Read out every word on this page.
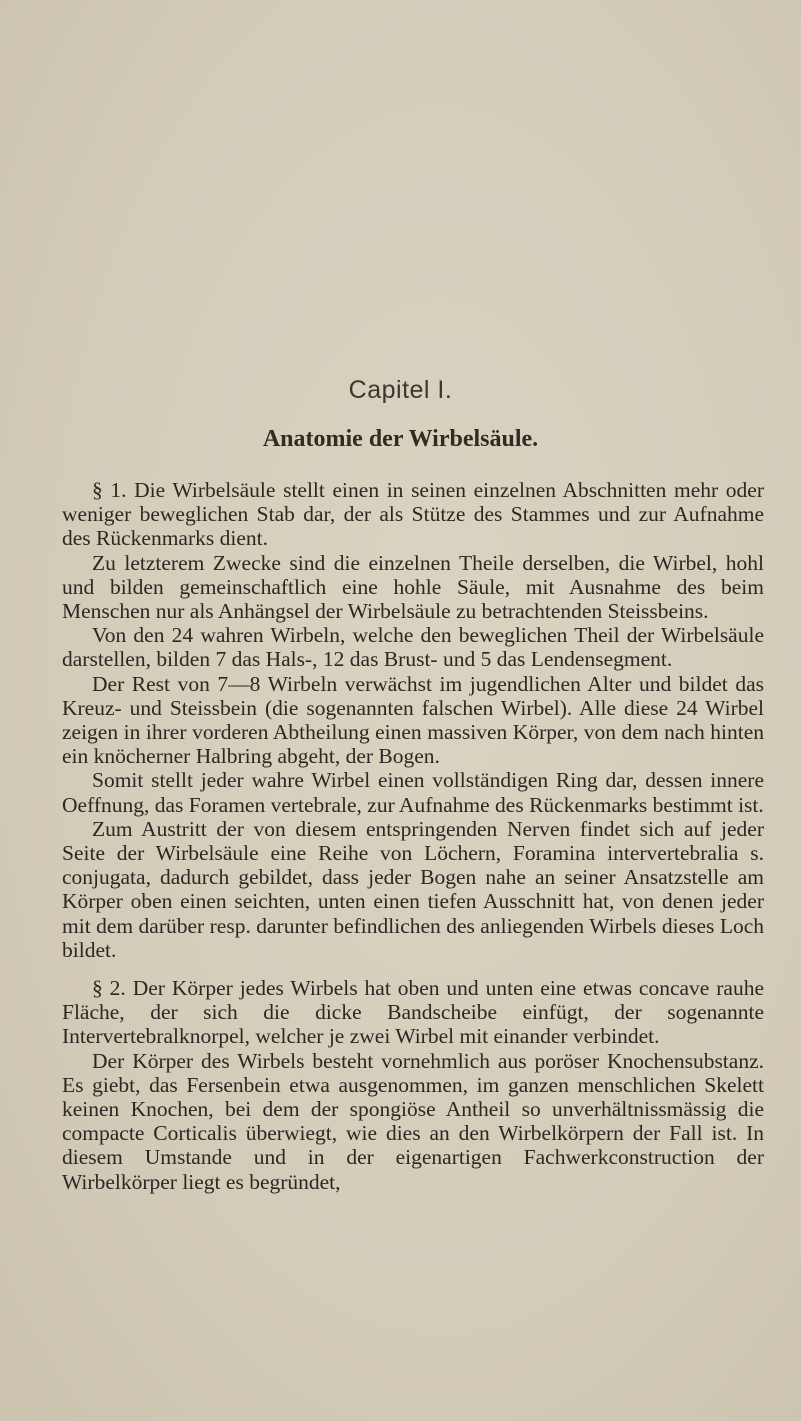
Capitel I.
Anatomie der Wirbelsäule.

§ 1. Die Wirbelsäule stellt einen in seinen einzelnen Abschnitten mehr oder weniger beweglichen Stab dar, der als Stütze des Stammes und zur Aufnahme des Rückenmarks dient.

Zu letzterem Zwecke sind die einzelnen Theile derselben, die Wirbel, hohl und bilden gemeinschaftlich eine hohle Säule, mit Ausnahme des beim Menschen nur als Anhängsel der Wirbelsäule zu betrachtenden Steissbeins.

Von den 24 wahren Wirbeln, welche den beweglichen Theil der Wirbelsäule darstellen, bilden 7 das Hals-, 12 das Brust- und 5 das Lendensegment.

Der Rest von 7—8 Wirbeln verwächst im jugendlichen Alter und bildet das Kreuz- und Steissbein (die sogenannten falschen Wirbel). Alle diese 24 Wirbel zeigen in ihrer vorderen Abtheilung einen massiven Körper, von dem nach hinten ein knöcherner Halbring abgeht, der Bogen.

Somit stellt jeder wahre Wirbel einen vollständigen Ring dar, dessen innere Oeffnung, das Foramen vertebrale, zur Aufnahme des Rückenmarks bestimmt ist.

Zum Austritt der von diesem entspringenden Nerven findet sich auf jeder Seite der Wirbelsäule eine Reihe von Löchern, Foramina intervertebralia s. conjugata, dadurch gebildet, dass jeder Bogen nahe an seiner Ansatzstelle am Körper oben einen seichten, unten einen tiefen Ausschnitt hat, von denen jeder mit dem darüber resp. darunter befindlichen des anliegenden Wirbels dieses Loch bildet.

§ 2. Der Körper jedes Wirbels hat oben und unten eine etwas concave rauhe Fläche, der sich die dicke Bandscheibe einfügt, der sogenannte Intervertebralknorpel, welcher je zwei Wirbel mit einander verbindet.

Der Körper des Wirbels besteht vornehmlich aus poröser Knochensubstanz. Es giebt, das Fersenbein etwa ausgenommen, im ganzen menschlichen Skelett keinen Knochen, bei dem der spongiöse Antheil so unverhältnissmässig die compacte Corticalis überwiegt, wie dies an den Wirbelkörpern der Fall ist. In diesem Umstande und in der eigenartigen Fachwerkconstruction der Wirbelkörper liegt es begründet,
